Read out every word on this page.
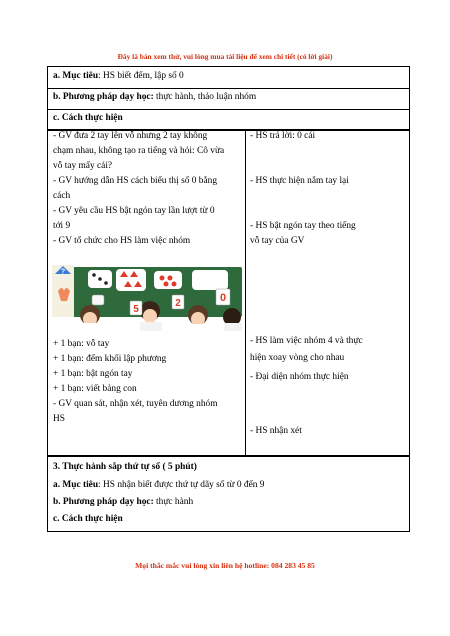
Đây là bản xem thử, vui lòng mua tài liệu để xem chi tiết (có lời giải)
a. Mục tiêu: HS biết đếm, lập số 0
b. Phương pháp dạy học: thực hành, thảo luận nhóm
c. Cách thực hiện
- GV đưa 2 tay lên vỗ nhưng 2 tay không
chạm nhau, không tạo ra tiếng và hỏi: Cô vừa
vỗ tay mấy cái?
- GV hướng dẫn HS cách biểu thị số 0 bằng
cách
- GV yêu cầu HS bật ngón tay lần lượt từ 0
tới 9
- GV tổ chức cho HS làm việc nhóm
?
5
2	0
+ 1 bạn: vỗ tay
+ 1 bạn: đếm khối lập phương
+ 1 bạn: bật ngón tay
+ 1 bạn: viết bảng con
- GV quan sát, nhận xét, tuyên dương nhóm
HS
- HS trả lời: 0 cái
- HS thực hiện nắm tay lại
- HS bật ngón tay theo tiếng
vỗ tay của GV
- HS làm việc nhóm 4 và thực
hiện xoay vòng cho nhau
- Đại diện nhóm thực hiện
- HS nhận xét
3. Thực hành sắp thứ tự số ( 5 phút)
a. Mục tiêu: HS nhận biết được thứ tự dãy số từ 0 đến 9
b. Phương pháp dạy học: thực hành
c. Cách thực hiện
Mọi thắc mắc vui lòng xin liên hệ hotline: 084 283 45 85
